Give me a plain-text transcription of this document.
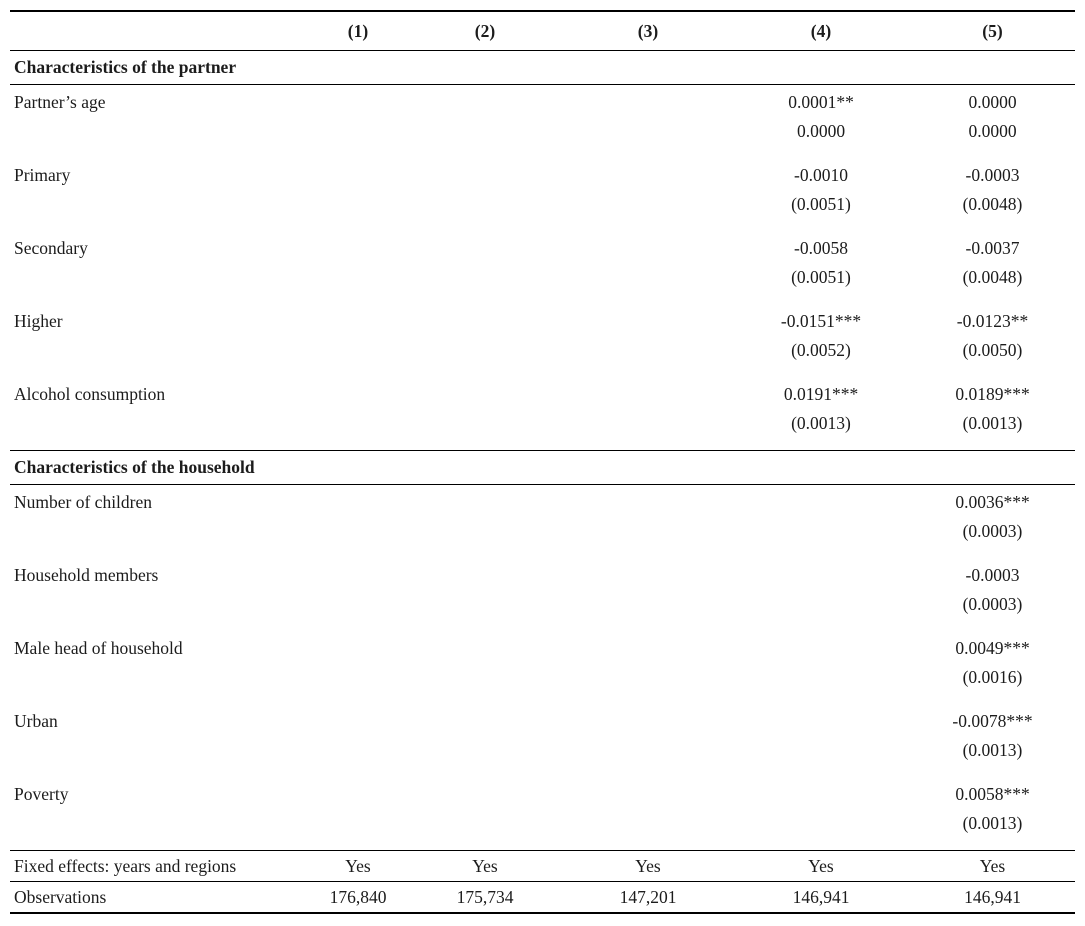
	(1)	(2)	(3)	(4)	(5)
Characteristics of the partner					
Partner’s age				0.0001**	0.0000
				0.0000	0.0000
Primary				-0.0010	-0.0003
				(0.0051)	(0.0048)
Secondary				-0.0058	-0.0037
				(0.0051)	(0.0048)
Higher				-0.0151***	-0.0123**
				(0.0052)	(0.0050)
Alcohol consumption				0.0191***	0.0189***
				(0.0013)	(0.0013)
Characteristics of the household					
Number of children					0.0036***
					(0.0003)
Household members					-0.0003
					(0.0003)
Male head of household					0.0049***
					(0.0016)
Urban					-0.0078***
					(0.0013)
Poverty					0.0058***
					(0.0013)
Fixed effects: years and regions	Yes	Yes	Yes	Yes	Yes
Observations	176,840	175,734	147,201	146,941	146,941
